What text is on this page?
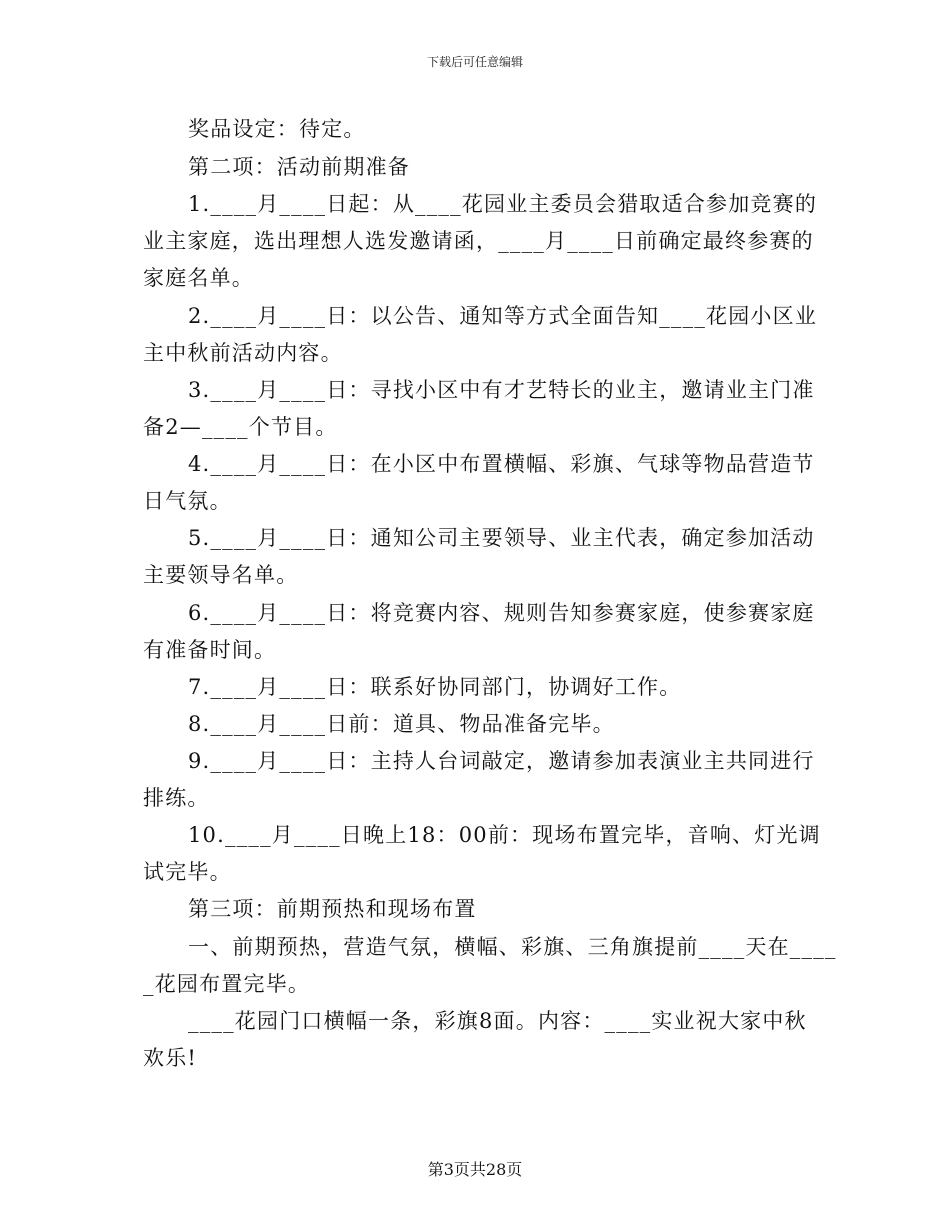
下载后可任意编辑
奖品设定：待定。
第二项：活动前期准备
1.____月____日起：从____花园业主委员会猎取适合参加竞赛的
业主家庭，选出理想人选发邀请函，____月____日前确定最终参赛的
家庭名单。
2.____月____日：以公告、通知等方式全面告知____花园小区业
主中秋前活动内容。
3.____月____日：寻找小区中有才艺特长的业主，邀请业主门准
备2—____个节目。
4.____月____日：在小区中布置横幅、彩旗、气球等物品营造节
日气氛。
5.____月____日：通知公司主要领导、业主代表，确定参加活动
主要领导名单。
6.____月____日：将竞赛内容、规则告知参赛家庭，使参赛家庭
有准备时间。
7.____月____日：联系好协同部门，协调好工作。
8.____月____日前：道具、物品准备完毕。
9.____月____日：主持人台词敲定，邀请参加表演业主共同进行
排练。
10.____月____日晚上18：00前：现场布置完毕，音响、灯光调
试完毕。
第三项：前期预热和现场布置
一、前期预热，营造气氛，横幅、彩旗、三角旗提前____天在____
_花园布置完毕。
____花园门口横幅一条，彩旗8面。内容：____实业祝大家中秋
欢乐!
第3页共28页
